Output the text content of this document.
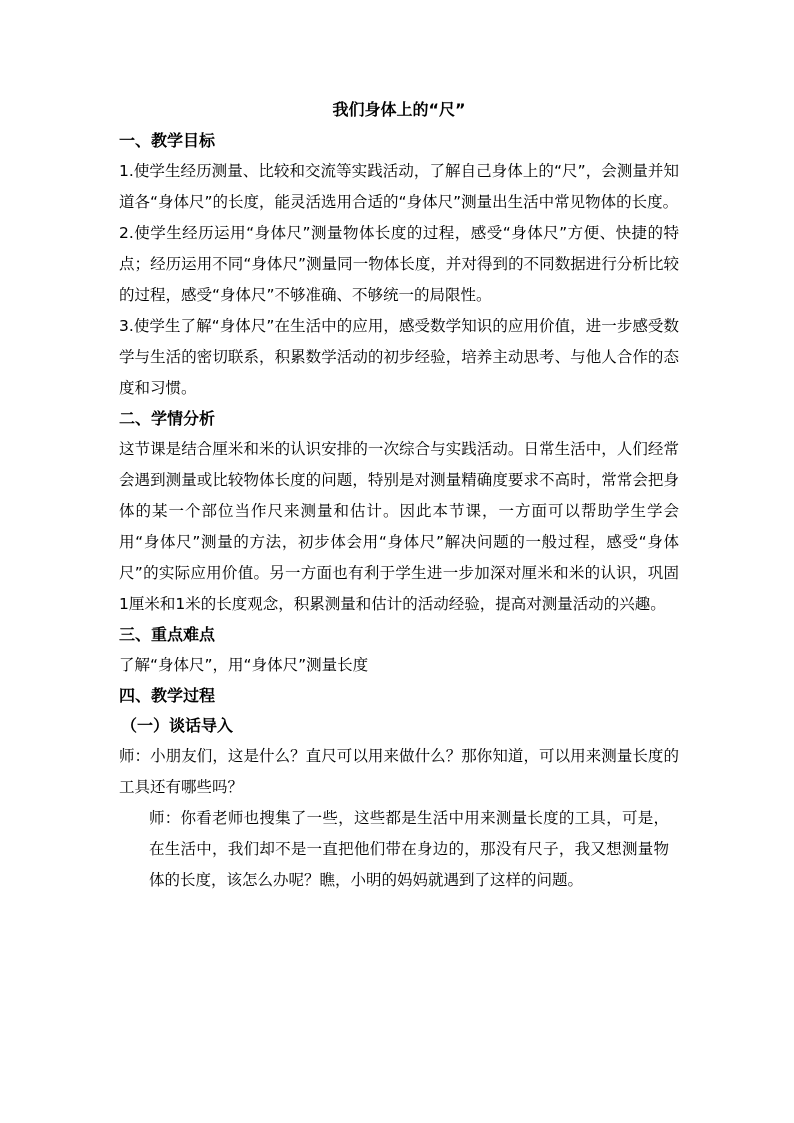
我们身体上的“尺”
一、教学目标

1.使学生经历测量、比较和交流等实践活动，了解自己身体上的“尺”，会测量并知道各“身体尺”的长度，能灵活选用合适的“身体尺”测量出生活中常见物体的长度。

2.使学生经历运用“身体尺”测量物体长度的过程，感受“身体尺”方便、快捷的特点；经历运用不同“身体尺”测量同一物体长度，并对得到的不同数据进行分析比较的过程，感受“身体尺”不够准确、不够统一的局限性。

3.使学生了解“身体尺”在生活中的应用，感受数学知识的应用价值，进一步感受数学与生活的密切联系，积累数学活动的初步经验，培养主动思考、与他人合作的态度和习惯。

二、学情分析

这节课是结合厘米和米的认识安排的一次综合与实践活动。日常生活中，人们经常会遇到测量或比较物体长度的问题，特别是对测量精确度要求不高时，常常会把身体的某一个部位当作尺来测量和估计。因此本节课，一方面可以帮助学生学会用“身体尺”测量的方法，初步体会用“身体尺”解决问题的一般过程，感受“身体尺”的实际应用价值。另一方面也有利于学生进一步加深对厘米和米的认识，巩固1厘米和1米的长度观念，积累测量和估计的活动经验，提高对测量活动的兴趣。

三、重点难点

了解“身体尺”，用“身体尺”测量长度

四、教学过程
（一）谈话导入

师：小朋友们，这是什么？直尺可以用来做什么？那你知道，可以用来测量长度的工具还有哪些吗？

师：你看老师也搜集了一些，这些都是生活中用来测量长度的工具，可是，在生活中，我们却不是一直把他们带在身边的，那没有尺子，我又想测量物体的长度，该怎么办呢？瞧，小明的妈妈就遇到了这样的问题。
